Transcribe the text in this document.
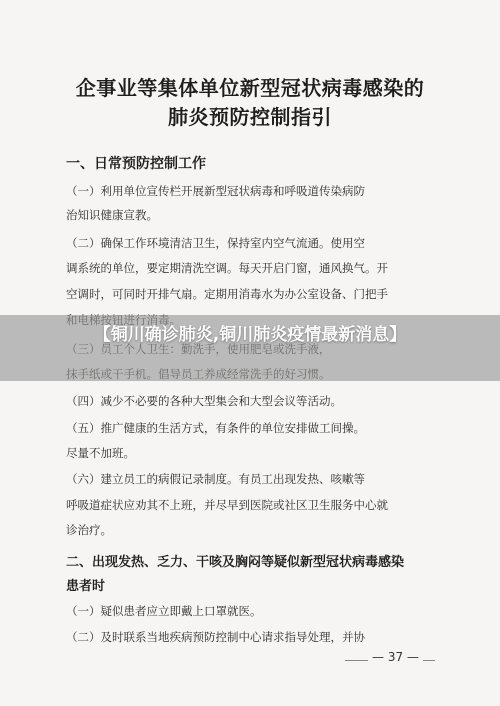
企事业等集体单位新型冠状病毒感染的
肺炎预防控制指引
一、日常预防控制工作
（一）利用单位宣传栏开展新型冠状病毒和呼吸道传染病防
治知识健康宣教。
（二）确保工作环境清洁卫生，保持室内空气流通。使用空
调系统的单位，要定期清洗空调。每天开启门窗，通风换气。开
空调时，可同时开排气扇。定期用消毒水为办公室设备、门把手
（四）减少不必要的各种大型集会和大型会议等活动。
（五）推广健康的生活方式，有条件的单位安排做工间操。
尽量不加班。
（六）建立员工的病假记录制度。有员工出现发热、咳嗽等
呼吸道症状应劝其不上班，并尽早到医院或社区卫生服务中心就
诊治疗。
二、出现发热、乏力、干咳及胸闷等疑似新型冠状病毒感染
患者时
（一）疑似患者应立即戴上口罩就医。
（二）及时联系当地疾病预防控制中心请求指导处理，并协
— 37 —
【铜川确诊肺炎,铜川肺炎疫情最新消息】
